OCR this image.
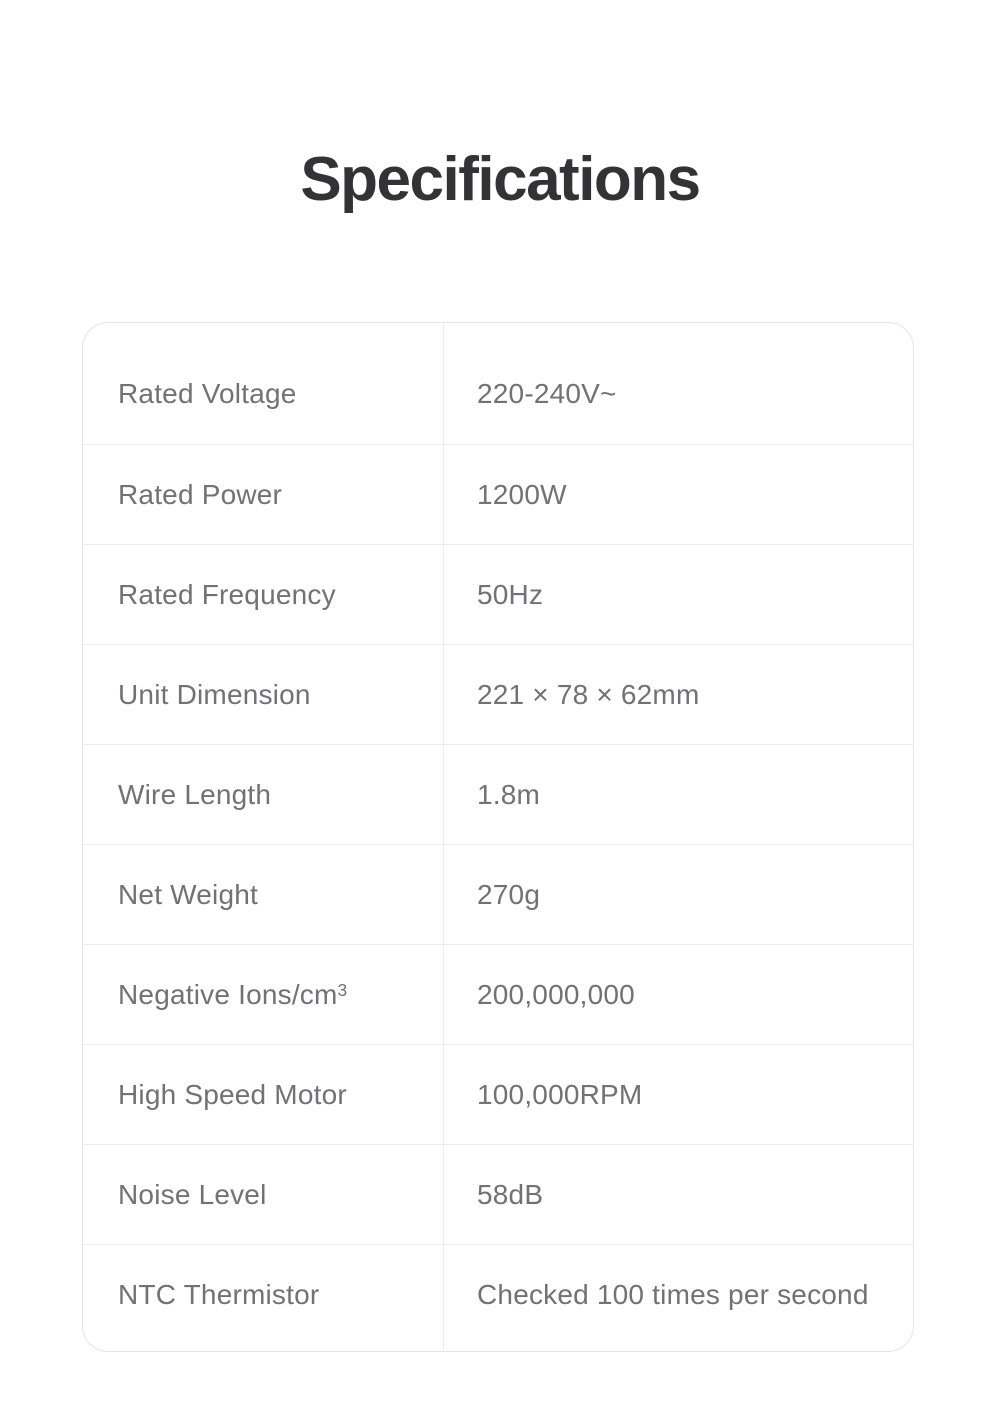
Specifications
Rated Voltage	220-240V~
Rated Power	1200W
Rated Frequency	50Hz
Unit Dimension	221 × 78 × 62mm
Wire Length	1.8m
Net Weight	270g
Negative Ions/$cm^3$	200,000,000
High Speed Motor	100,000RPM
Noise Level	58dB
NTC Thermistor	Checked 100 times per second
